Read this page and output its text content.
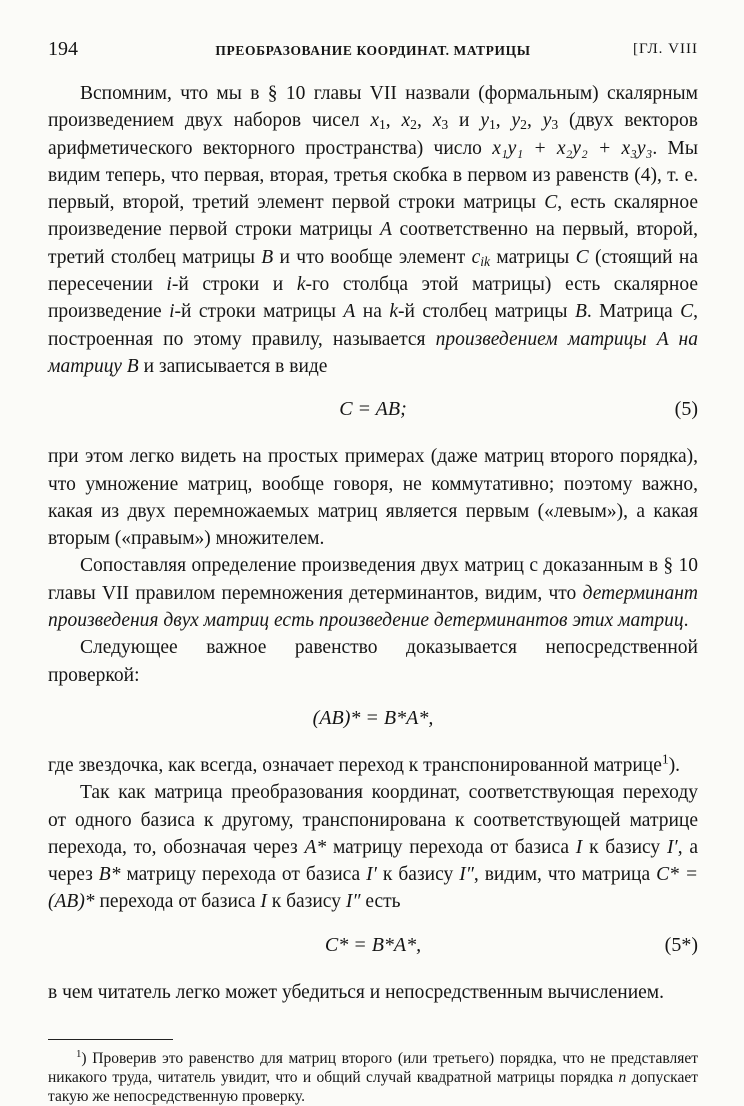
194	ПРЕОБРАЗОВАНИЕ КООРДИНАТ. МАТРИЦЫ	[ГЛ. VIII

Вспомним, что мы в § 10 главы VII назвали (формальным) скалярным произведением двух наборов чисел $x_1$, $x_2$, $x_3$ и $y_1$, $y_2$, $y_3$ (двух векторов арифметического векторного пространства) число x₁y₁ + x₂y₂ + x₃y₃. Мы видим теперь, что первая, вторая, третья скобка в первом из равенств (4), т. е. первый, второй, третий элемент первой строки матрицы C, есть скалярное произведение первой строки матрицы A соответственно на первый, второй, третий столбец матрицы B и что вообще элемент $c_{ik}$ матрицы C (стоящий на пересечении i-й строки и k-го столбца этой матрицы) есть скалярное произведение i-й строки матрицы A на k-й столбец матрицы B. Матрица C, построенная по этому правилу, называется произведением матрицы A на матрицу B и записывается в виде

C = AB;	(5)

при этом легко видеть на простых примерах (даже матриц второго порядка), что умножение матриц, вообще говоря, не коммутативно; поэтому важно, какая из двух перемножаемых матриц является первым («левым»), а какая вторым («правым») множителем.

Сопоставляя определение произведения двух матриц с доказанным в § 10 главы VII правилом перемножения детерминантов, видим, что детерминант произведения двух матриц есть произведение детерминантов этих матриц.

Следующее важное равенство доказывается непосредственной проверкой:

(AB)* = B*A*,

где звездочка, как всегда, означает переход к транспонированной матрице$^1$).

Так как матрица преобразования координат, соответствующая переходу от одного базиса к другому, транспонирована к соответствующей матрице перехода, то, обозначая через A* матрицу перехода от базиса I к базису I′, а через B* матрицу перехода от базиса I′ к базису I″, видим, что матрица C* = (AB)* перехода от базиса I к базису I″ есть

C* = B*A*,	(5*)

в чем читатель легко может убедиться и непосредственным вычислением.

$^1$) Проверив это равенство для матриц второго (или третьего) порядка, что не представляет никакого труда, читатель увидит, что и общий случай квадратной матрицы порядка n допускает такую же непосредственную проверку.
